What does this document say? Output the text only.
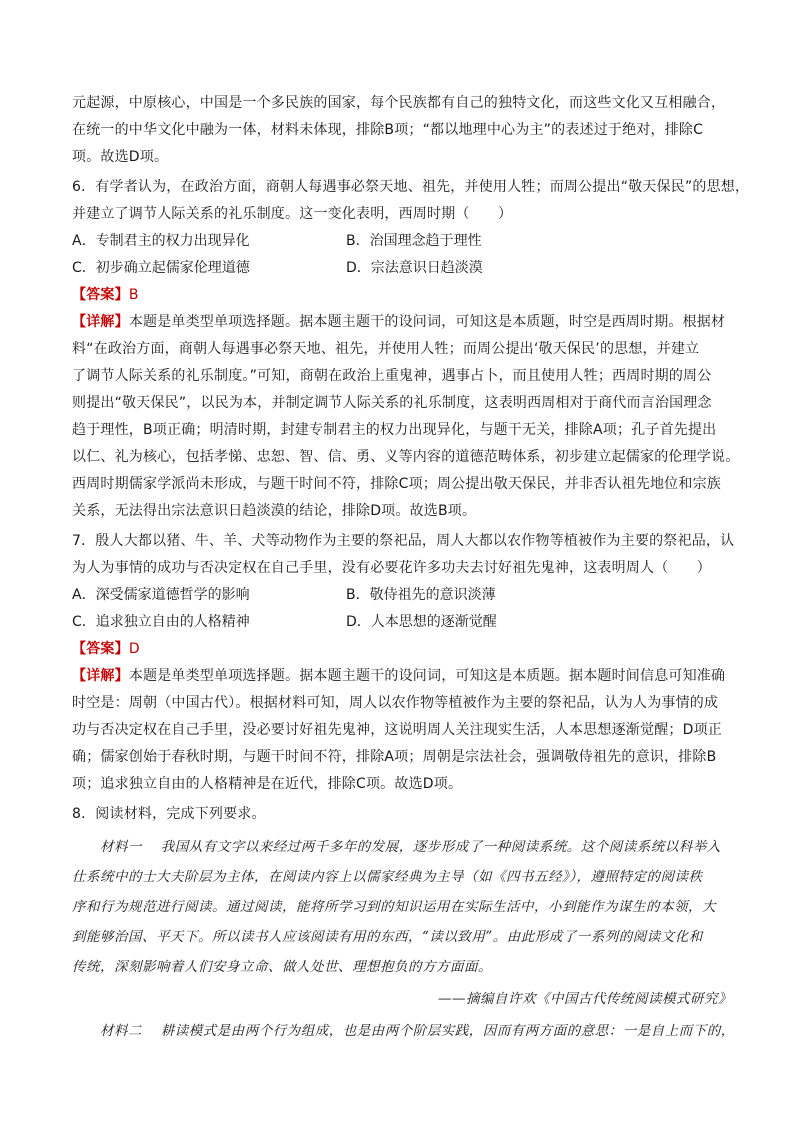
元起源，中原核心，中国是一个多民族的国家，每个民族都有自己的独特文化，而这些文化又互相融合，
在统一的中华文化中融为一体，材料未体现，排除B项；“都以地理中心为主”的表述过于绝对，排除C
项。故选D项。
6．有学者认为，在政治方面，商朝人每遇事必祭天地、祖先，并使用人牲；而周公提出“敬天保民”的思想，
并建立了调节人际关系的礼乐制度。这一变化表明，西周时期（　　）
A．专制君主的权力出现异化	B．治国理念趋于理性
C．初步确立起儒家伦理道德	D．宗法意识日趋淡漠
【答案】B
【详解】本题是单类型单项选择题。据本题主题干的设问词，可知这是本质题，时空是西周时期。根据材
料“在政治方面，商朝人每遇事必祭天地、祖先，并使用人牲；而周公提出‘敬天保民’的思想，并建立
了调节人际关系的礼乐制度。”可知，商朝在政治上重鬼神，遇事占卜，而且使用人牲；西周时期的周公
则提出“敬天保民”，以民为本，并制定调节人际关系的礼乐制度，这表明西周相对于商代而言治国理念
趋于理性，B项正确；明清时期，封建专制君主的权力出现异化，与题干无关，排除A项；孔子首先提出
以仁、礼为核心，包括孝悌、忠恕、智、信、勇、义等内容的道德范畴体系，初步建立起儒家的伦理学说。
西周时期儒家学派尚未形成，与题干时间不符，排除C项；周公提出敬天保民，并非否认祖先地位和宗族
关系，无法得出宗法意识日趋淡漠的结论，排除D项。故选B项。
7．殷人大都以猪、牛、羊、犬等动物作为主要的祭祀品，周人大都以农作物等植被作为主要的祭祀品，认
为人为事情的成功与否决定权在自己手里，没有必要花许多功夫去讨好祖先鬼神，这表明周人（　　）
A．深受儒家道德哲学的影响	B．敬侍祖先的意识淡薄
C．追求独立自由的人格精神	D．人本思想的逐渐觉醒
【答案】D
【详解】本题是单类型单项选择题。据本题主题干的设问词，可知这是本质题。据本题时间信息可知准确
时空是：周朝（中国古代）。根据材料可知，周人以农作物等植被作为主要的祭祀品，认为人为事情的成
功与否决定权在自己手里，没必要讨好祖先鬼神，这说明周人关注现实生活，人本思想逐渐觉醒；D项正
确；儒家创始于春秋时期，与题干时间不符，排除A项；周朝是宗法社会，强调敬侍祖先的意识，排除B
项；追求独立自由的人格精神是在近代，排除C项。故选D项。
8．阅读材料，完成下列要求。
材料一　 我国从有文字以来经过两千多年的发展，逐步形成了一种阅读系统。这个阅读系统以科举入
仕系统中的士大夫阶层为主体，在阅读内容上以儒家经典为主导（如《四书五经》），遵照特定的阅读秩
序和行为规范进行阅读。通过阅读，能将所学习到的知识运用在实际生活中，小到能作为谋生的本领，大
到能够治国、平天下。所以读书人应该阅读有用的东西，“读以致用”。由此形成了一系列的阅读文化和
传统，深刻影响着人们安身立命、做人处世、理想抱负的方方面面。
——摘编自许欢《中国古代传统阅读模式研究》
材料二　 耕读模式是由两个行为组成，也是由两个阶层实践，因而有两方面的意思：一是自上而下的，
